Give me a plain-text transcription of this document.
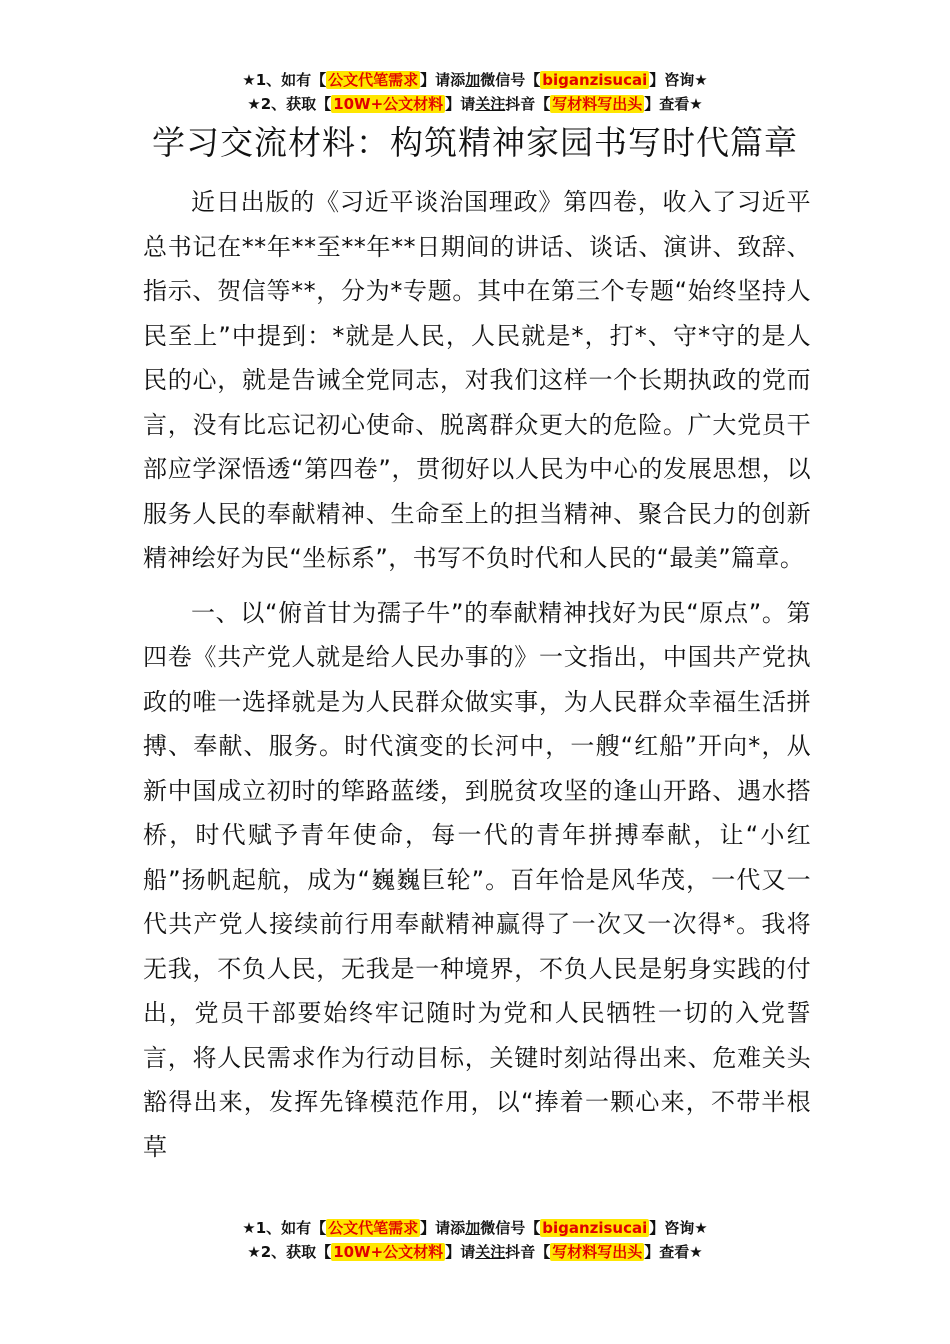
★1、如有【 公文代笔需求 】请添加微信号【 biganzisucai 】咨询★
★2、获取【 10W+公文材料 】请关注抖音【 写材料写出头 】查看★
学习交流材料：构筑精神家园书写时代篇章

近日出版的《习近平谈治国理政》第四卷，收入了习近平总书记在**年**至**年**日期间的讲话、谈话、演讲、致辞、指示、贺信等**，分为*专题。其中在第三个专题“始终坚持人民至上”中提到：*就是人民，人民就是*，打*、守*守的是人民的心，就是告诫全党同志，对我们这样一个长期执政的党而言，没有比忘记初心使命、脱离群众更大的危险。广大党员干部应学深悟透“第四卷”，贯彻好以人民为中心的发展思想，以服务人民的奉献精神、生命至上的担当精神、聚合民力的创新精神绘好为民“坐标系”，书写不负时代和人民的“最美”篇章。

一、以“俯首甘为孺子牛”的奉献精神找好为民“原点”。第四卷《共产党人就是给人民办事的》一文指出，中国共产党执政的唯一选择就是为人民群众做实事，为人民群众幸福生活拼搏、奉献、服务。时代演变的长河中，一艘“红船”开向*，从新中国成立初时的筚路蓝缕，到脱贫攻坚的逢山开路、遇水搭桥，时代赋予青年使命，每一代的青年拼搏奉献，让“小红船”扬帆起航，成为“巍巍巨轮”。百年恰是风华茂，一代又一代共产党人接续前行用奉献精神赢得了一次又一次得*。我将无我，不负人民，无我是一种境界，不负人民是躬身实践的付出，党员干部要始终牢记随时为党和人民牺牲一切的入党誓言，将人民需求作为行动目标，关键时刻站得出来、危难关头豁得出来，发挥先锋模范作用，以“捧着一颗心来，不带半根草

★1、如有【 公文代笔需求 】请添加微信号【 biganzisucai 】咨询★
★2、获取【 10W+公文材料 】请关注抖音【 写材料写出头 】查看★
